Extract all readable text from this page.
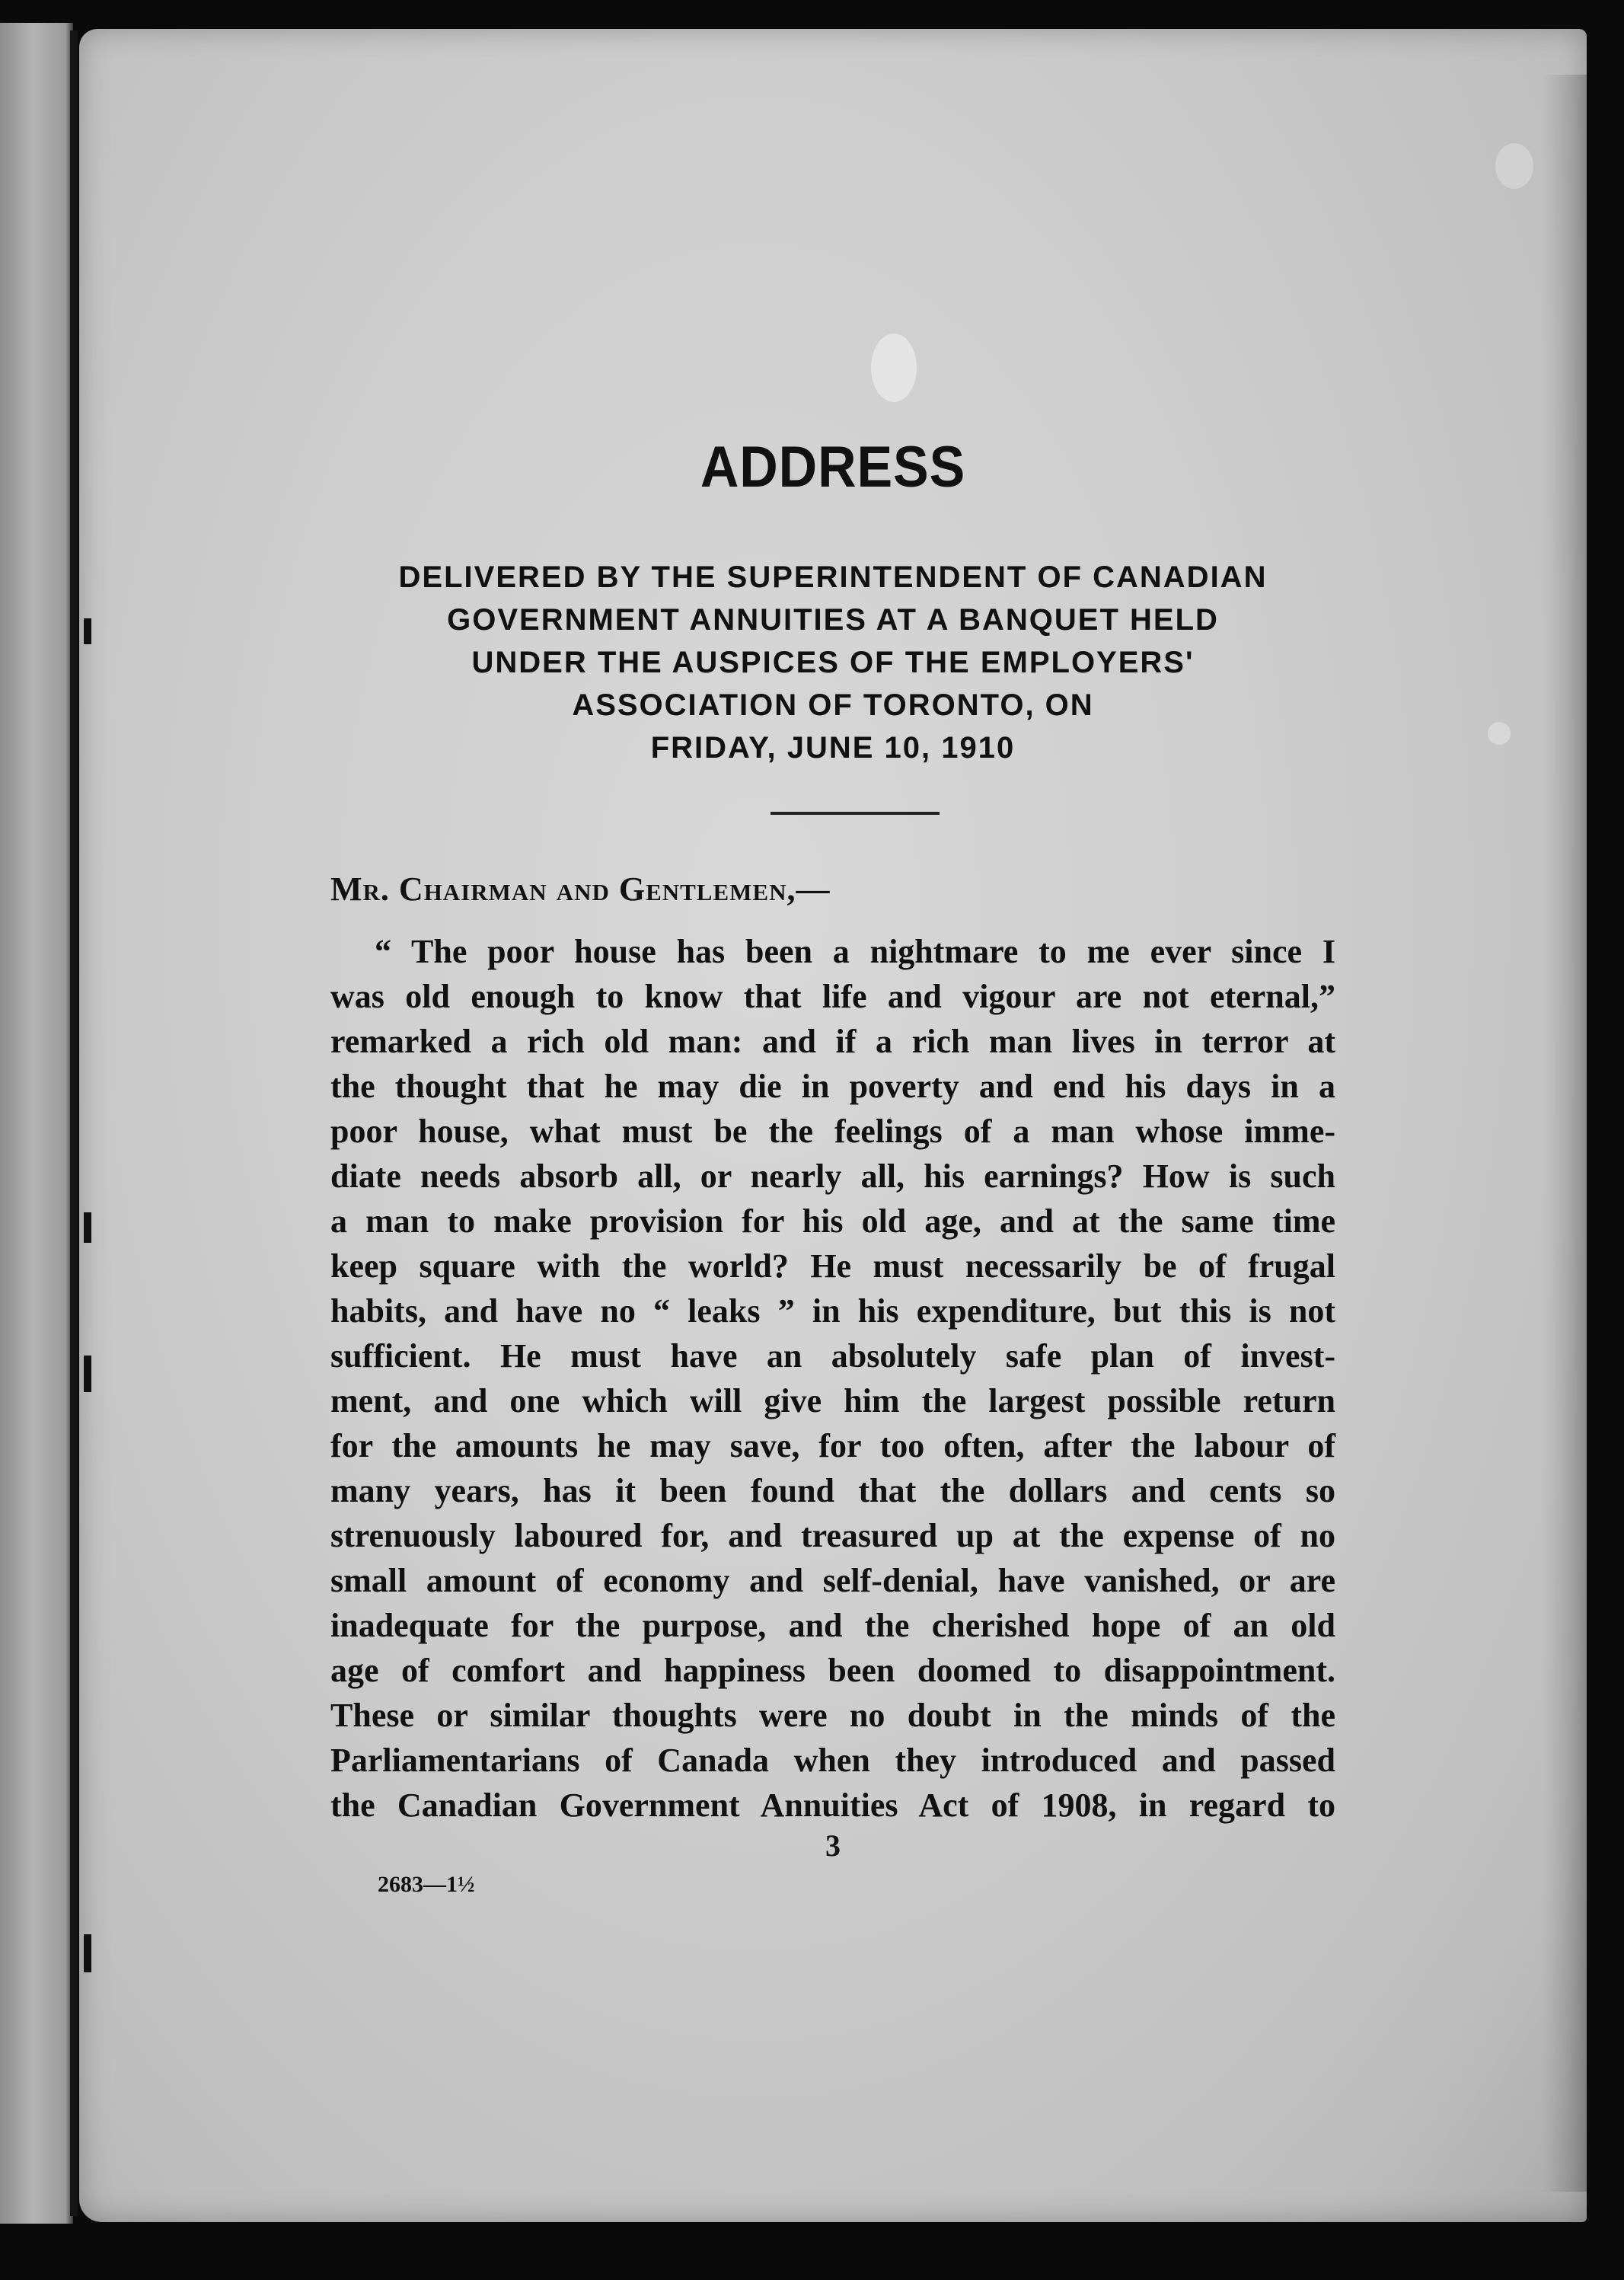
ADDRESS
DELIVERED BY THE SUPERINTENDENT OF CANADIAN
GOVERNMENT ANNUITIES AT A BANQUET HELD
UNDER THE AUSPICES OF THE EMPLOYERS'
ASSOCIATION OF TORONTO, ON
FRIDAY, JUNE 10, 1910
Mr. Chairman and Gentlemen,—
“ The poor house has been a nightmare to me ever since I
was old enough to know that life and vigour are not eternal,”
remarked a rich old man: and if a rich man lives in terror at
the thought that he may die in poverty and end his days in a
poor house, what must be the feelings of a man whose imme-
diate needs absorb all, or nearly all, his earnings? How is such
a man to make provision for his old age, and at the same time
keep square with the world? He must necessarily be of frugal
habits, and have no “ leaks ” in his expenditure, but this is not
sufficient. He must have an absolutely safe plan of invest-
ment, and one which will give him the largest possible return
for the amounts he may save, for too often, after the labour of
many years, has it been found that the dollars and cents so
strenuously laboured for, and treasured up at the expense of no
small amount of economy and self-denial, have vanished, or are
inadequate for the purpose, and the cherished hope of an old
age of comfort and happiness been doomed to disappointment.
These or similar thoughts were no doubt in the minds of the
Parliamentarians of Canada when they introduced and passed
the Canadian Government Annuities Act of 1908, in regard to
3
2683—1½
